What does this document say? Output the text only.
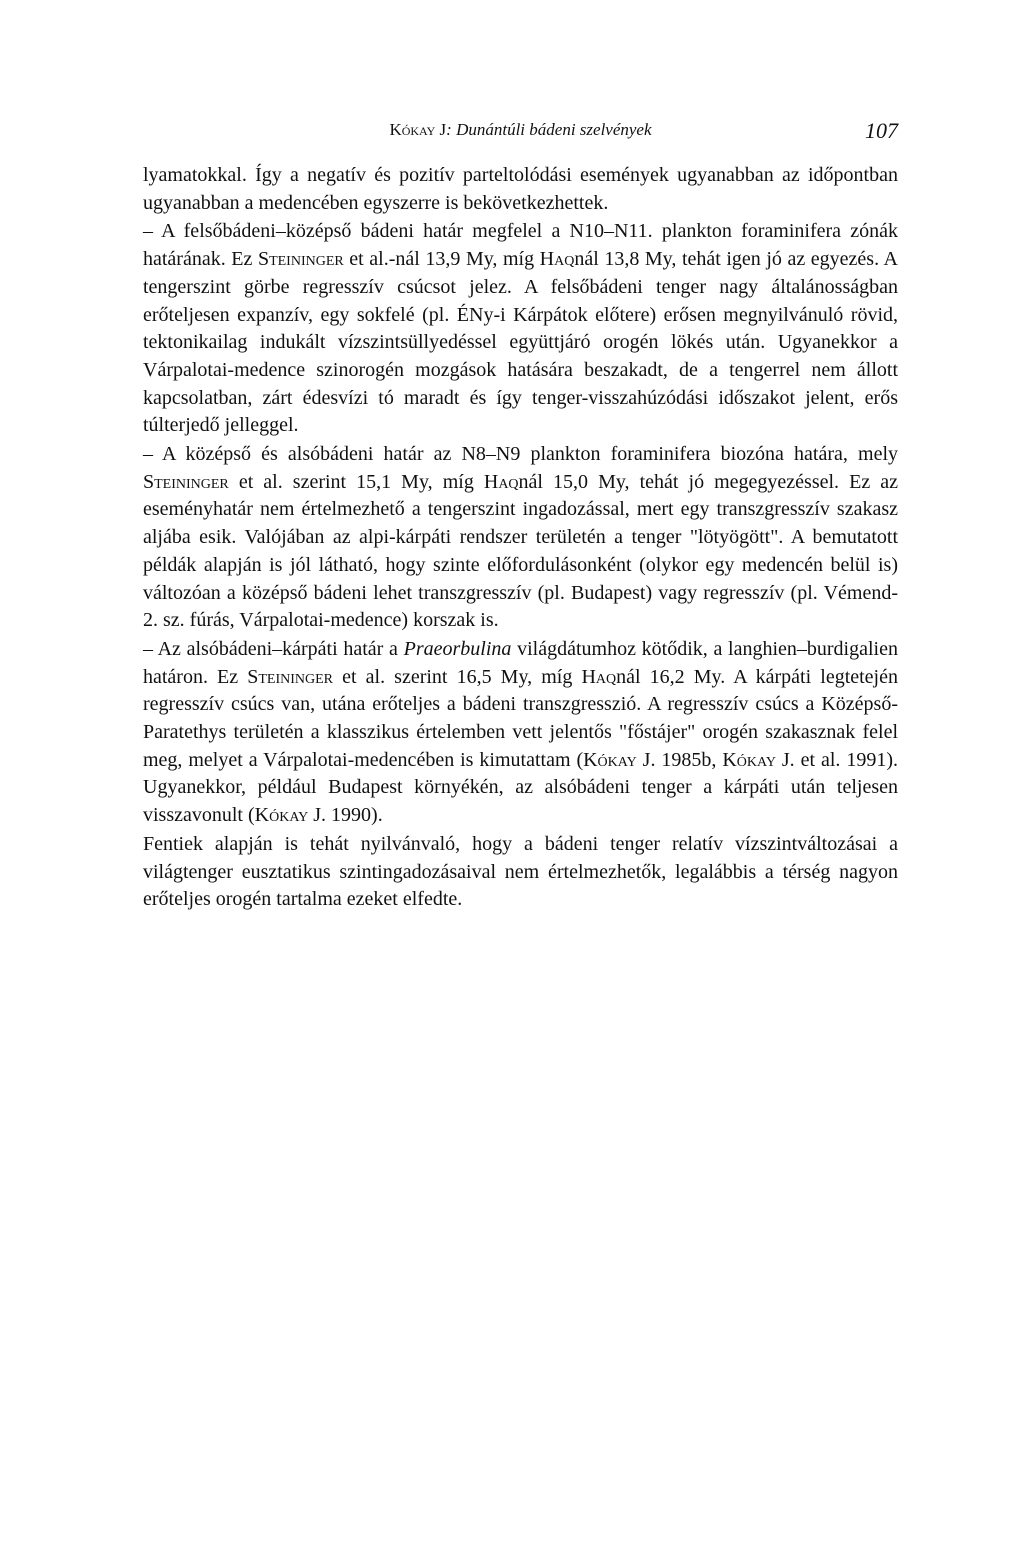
Kókay J: Dunántúli bádeni szelvények	107

lyamatokkal. Így a negatív és pozitív parteltolódási események ugyanabban az időpontban ugyanabban a medencében egyszerre is bekövetkezhettek.

– A felsőbádeni–középső bádeni határ megfelel a N10–N11. plankton foraminifera zónák határának. Ez Steininger et al.-nál 13,9 My, míg Haqnál 13,8 My, tehát igen jó az egyezés. A tengerszint görbe regresszív csúcsot jelez. A felsőbádeni tenger nagy általánosságban erőteljesen expanzív, egy sokfelé (pl. ÉNy-i Kárpátok előtere) erősen megnyilvánuló rövid, tektonikailag indukált vízszintsüllyedéssel együttjáró orogén lökés után. Ugyanekkor a Várpalotai-medence szinorogén mozgások hatására beszakadt, de a tengerrel nem állott kapcsolatban, zárt édesvízi tó maradt és így tenger-visszahúzódási időszakot jelent, erős túlterjedő jelleggel.

– A középső és alsóbádeni határ az N8–N9 plankton foraminifera biozóna határa, mely Steininger et al. szerint 15,1 My, míg Haqnál 15,0 My, tehát jó megegyezéssel. Ez az eseményhatár nem értelmezhető a tengerszint ingadozással, mert egy transzgresszív szakasz aljába esik. Valójában az alpi-kárpáti rendszer területén a tenger "lötyögött". A bemutatott példák alapján is jól látható, hogy szinte előfordulásonként (olykor egy medencén belül is) változóan a középső bádeni lehet transzgresszív (pl. Budapest) vagy regresszív (pl. Vémend-2. sz. fúrás, Várpalotai-medence) korszak is.

– Az alsóbádeni–kárpáti határ a Praeorbulina világdátumhoz kötődik, a langhien–burdigalien határon. Ez Steininger et al. szerint 16,5 My, míg Haqnál 16,2 My. A kárpáti legtetején regresszív csúcs van, utána erőteljes a bádeni transzgresszió. A regresszív csúcs a Középső-Paratethys területén a klasszikus értelemben vett jelentős "főstájer" orogén szakasznak felel meg, melyet a Várpalotai-medencében is kimutattam (Kókay J. 1985b, Kókay J. et al. 1991). Ugyanekkor, például Budapest környékén, az alsóbádeni tenger a kárpáti után teljesen visszavonult (Kókay J. 1990).

Fentiek alapján is tehát nyilvánvaló, hogy a bádeni tenger relatív vízszintváltozásai a világtenger eusztatikus szintingadozásaival nem értelmezhetők, legalábbis a térség nagyon erőteljes orogén tartalma ezeket elfedte.
